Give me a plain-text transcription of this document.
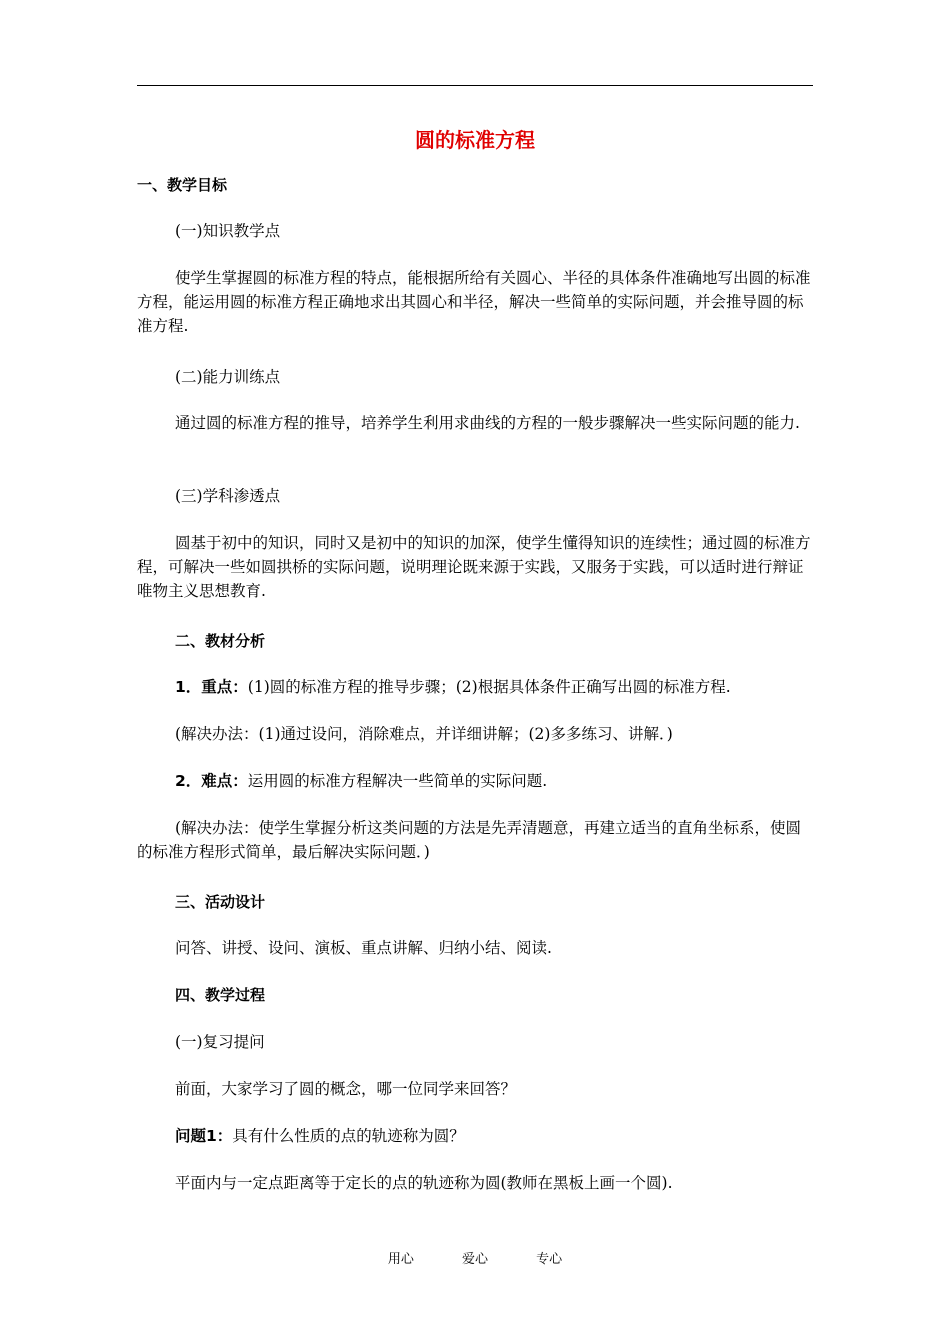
圆的标准方程
一、教学目标
(一)知识教学点
使学生掌握圆的标准方程的特点，能根据所给有关圆心、半径的具体条件准确地写出圆的标准方程，能运用圆的标准方程正确地求出其圆心和半径，解决一些简单的实际问题，并会推导圆的标准方程.
(二)能力训练点
通过圆的标准方程的推导，培养学生利用求曲线的方程的一般步骤解决一些实际问题的能力.
(三)学科渗透点
圆基于初中的知识，同时又是初中的知识的加深，使学生懂得知识的连续性；通过圆的标准方程，可解决一些如圆拱桥的实际问题，说明理论既来源于实践，又服务于实践，可以适时进行辩证唯物主义思想教育.
二、教材分析
1．重点：(1)圆的标准方程的推导步骤；(2)根据具体条件正确写出圆的标准方程.
(解决办法：(1)通过设问，消除难点，并详细讲解；(2)多多练习、讲解．)
2．难点：运用圆的标准方程解决一些简单的实际问题.
(解决办法：使学生掌握分析这类问题的方法是先弄清题意，再建立适当的直角坐标系，使圆的标准方程形式简单，最后解决实际问题．)
三、活动设计
问答、讲授、设问、演板、重点讲解、归纳小结、阅读.
四、教学过程
(一)复习提问
前面，大家学习了圆的概念，哪一位同学来回答？
问题1：具有什么性质的点的轨迹称为圆？
平面内与一定点距离等于定长的点的轨迹称为圆(教师在黑板上画一个圆).
用心	爱心	专心
